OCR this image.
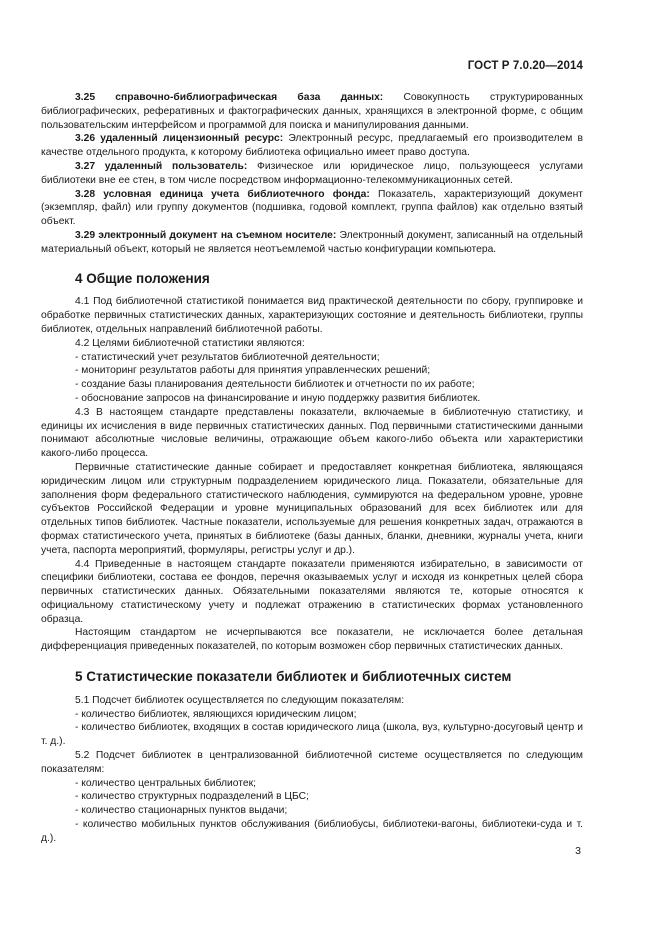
ГОСТ Р 7.0.20—2014

3.25 справочно-библиографическая база данных: Совокупность структурированных библиографических, реферативных и фактографических данных, хранящихся в электронной форме, с общим пользовательским интерфейсом и программой для поиска и манипулирования данными.

3.26 удаленный лицензионный ресурс: Электронный ресурс, предлагаемый его производителем в качестве отдельного продукта, к которому библиотека официально имеет право доступа.

3.27 удаленный пользователь: Физическое или юридическое лицо, пользующееся услугами библиотеки вне ее стен, в том числе посредством информационно-телекоммуникационных сетей.

3.28 условная единица учета библиотечного фонда: Показатель, характеризующий документ (экземпляр, файл) или группу документов (подшивка, годовой комплект, группа файлов) как отдельно взятый объект.

3.29 электронный документ на съемном носителе: Электронный документ, записанный на отдельный материальный объект, который не является неотъемлемой частью конфигурации компьютера.

4 Общие положения

4.1 Под библиотечной статистикой понимается вид практической деятельности по сбору, группировке и обработке первичных статистических данных, характеризующих состояние и деятельность библиотеки, группы библиотек, отдельных направлений библиотечной работы.

4.2 Целями библиотечной статистики являются:

- статистический учет результатов библиотечной деятельности;

- мониторинг результатов работы для принятия управленческих решений;

- создание базы планирования деятельности библиотек и отчетности по их работе;

- обоснование запросов на финансирование и иную поддержку развития библиотек.

4.3 В настоящем стандарте представлены показатели, включаемые в библиотечную статистику, и единицы их исчисления в виде первичных статистических данных. Под первичными статистическими данными понимают абсолютные числовые величины, отражающие объем какого-либо объекта или характеристики какого-либо процесса.

Первичные статистические данные собирает и предоставляет конкретная библиотека, являющаяся юридическим лицом или структурным подразделением юридического лица. Показатели, обязательные для заполнения форм федерального статистического наблюдения, суммируются на федеральном уровне, уровне субъектов Российской Федерации и уровне муниципальных образований для всех библиотек или для отдельных типов библиотек. Частные показатели, используемые для решения конкретных задач, отражаются в формах статистического учета, принятых в библиотеке (базы данных, бланки, дневники, журналы учета, книги учета, паспорта мероприятий, формуляры, регистры услуг и др.).

4.4 Приведенные в настоящем стандарте показатели применяются избирательно, в зависимости от специфики библиотеки, состава ее фондов, перечня оказываемых услуг и исходя из конкретных целей сбора первичных статистических данных. Обязательными показателями являются те, которые относятся к официальному статистическому учету и подлежат отражению в статистических формах установленного образца.

Настоящим стандартом не исчерпываются все показатели, не исключается более детальная дифференциация приведенных показателей, по которым возможен сбор первичных статистических данных.

5 Статистические показатели библиотек и библиотечных систем

5.1 Подсчет библиотек осуществляется по следующим показателям:

- количество библиотек, являющихся юридическим лицом;

- количество библиотек, входящих в состав юридического лица (школа, вуз, культурно-досуговый центр и т. д.).

5.2 Подсчет библиотек в централизованной библиотечной системе осуществляется по следующим показателям:

- количество центральных библиотек;

- количество структурных подразделений в ЦБС;

- количество стационарных пунктов выдачи;

- количество мобильных пунктов обслуживания (библиобусы, библиотеки-вагоны, библиотеки-суда и т. д.).

3
